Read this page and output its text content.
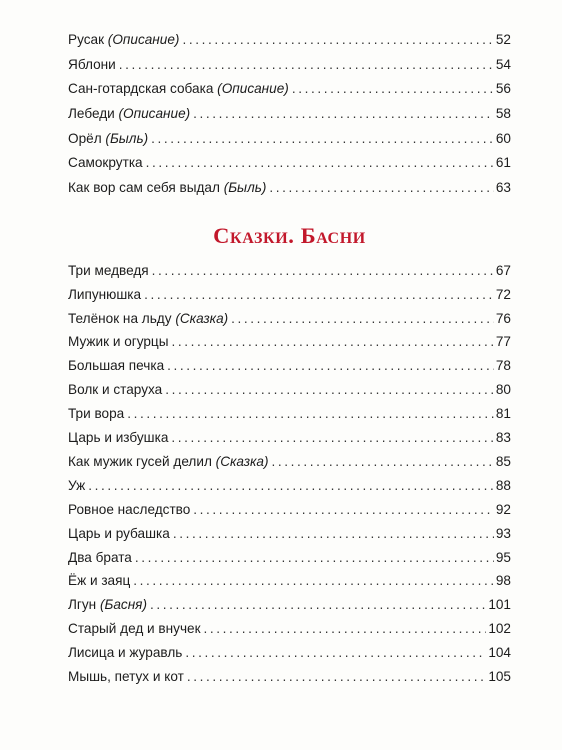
Русак (Описание) .....	52
Яблони .....	54
Сан-готардская собака (Описание) .....	56
Лебеди (Описание) .....	58
Орёл (Быль) .....	60
Самокрутка .....	61
Как вор сам себя выдал (Быль) .....	63
Сказки. Басни
Три медведя .....	67
Липунюшка .....	72
Телёнок на льду (Сказка) .....	76
Мужик и огурцы .....	77
Большая печка .....	78
Волк и старуха .....	80
Три вора .....	81
Царь и избушка .....	83
Как мужик гусей делил (Сказка) .....	85
Уж .....	88
Ровное наследство .....	92
Царь и рубашка .....	93
Два брата .....	95
Ёж и заяц .....	98
Лгун (Басня) .....	101
Старый дед и внучек .....	102
Лисица и журавль .....	104
Мышь, петух и кот .....	105
